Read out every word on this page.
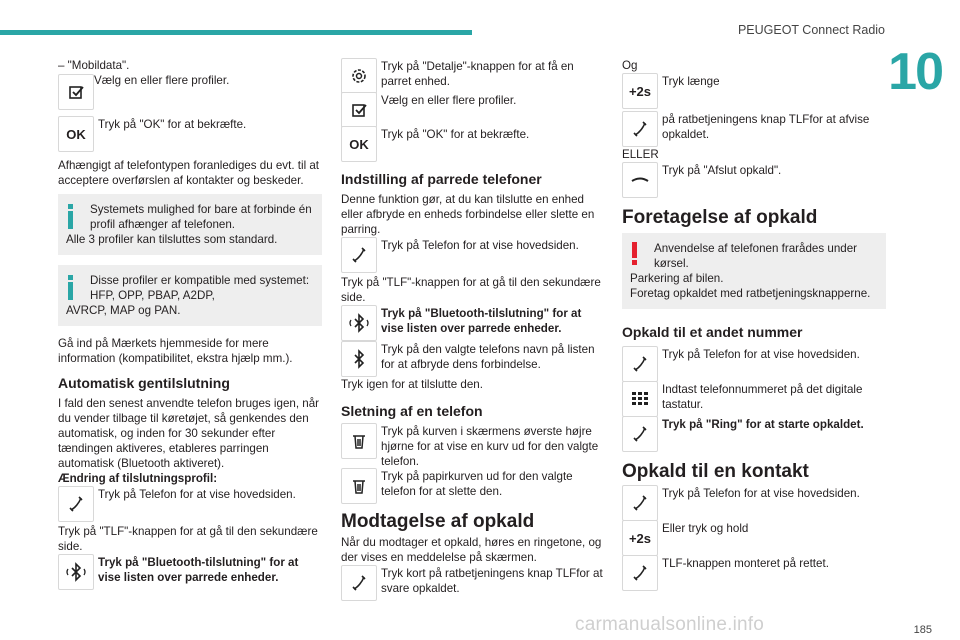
PEUGEOT Connect Radio
10

– "Mobildata".

Vælg en eller flere profiler.

OK

Tryk på "OK" for at bekræfte.

Afhængigt af telefontypen foranlediges du evt. til at acceptere overførslen af kontakter og beskeder.

Systemets mulighed for bare at forbinde én profil afhænger af telefonen.

Alle 3 profiler kan tilsluttes som standard.

Disse profiler er kompatible med systemet: HFP, OPP, PBAP, A2DP,

AVRCP, MAP og PAN.

Gå ind på Mærkets hjemmeside for mere information (kompatibilitet, ekstra hjælp mm.).

Automatisk gentilslutning

I fald den senest anvendte telefon bruges igen, når du vender tilbage til køretøjet, så genkendes den automatisk, og inden for 30 sekunder efter tændingen aktiveres, etableres parringen automatisk (Bluetooth aktiveret).

Ændring af tilslutningsprofil:

Tryk på Telefon for at vise hovedsiden.

Tryk på "TLF"-knappen for at gå til den sekundære side.

Tryk på "Bluetooth-tilslutning" for at vise listen over parrede enheder.

Tryk på "Detalje"-knappen for at få en parret enhed.

Vælg en eller flere profiler.

OK

Tryk på "OK" for at bekræfte.

Indstilling af parrede telefoner

Denne funktion gør, at du kan tilslutte en enhed eller afbryde en enheds forbindelse eller slette en parring.

Tryk på Telefon for at vise hovedsiden.

Tryk på "TLF"-knappen for at gå til den sekundære side.

Tryk på "Bluetooth-tilslutning" for at vise listen over parrede enheder.

Tryk på den valgte telefons navn på listen for at afbryde dens forbindelse.

Tryk igen for at tilslutte den.

Sletning af en telefon

Tryk på kurven i skærmens øverste højre hjørne for at vise en kurv ud for den valgte telefon.

Tryk på papirkurven ud for den valgte telefon for at slette den.

Modtagelse af opkald

Når du modtager et opkald, høres en ringetone, og der vises en meddelelse på skærmen.

Tryk kort på ratbetjeningens knap TLFfor at svare opkaldet.

Og

+2s

Tryk længe

på ratbetjeningens knap TLFfor at afvise opkaldet.

ELLER

Tryk på "Afslut opkald".

Foretagelse af opkald

Anvendelse af telefonen frarådes under kørsel.

Parkering af bilen.

Foretag opkaldet med ratbetjeningsknapperne.

Opkald til et andet nummer

Tryk på Telefon for at vise hovedsiden.

Indtast telefonnummeret på det digitale tastatur.

Tryk på "Ring" for at starte opkaldet.

Opkald til en kontakt

Tryk på Telefon for at vise hovedsiden.

+2s

Eller tryk og hold

TLF-knappen monteret på rettet.

carmanualsonline.info	185
